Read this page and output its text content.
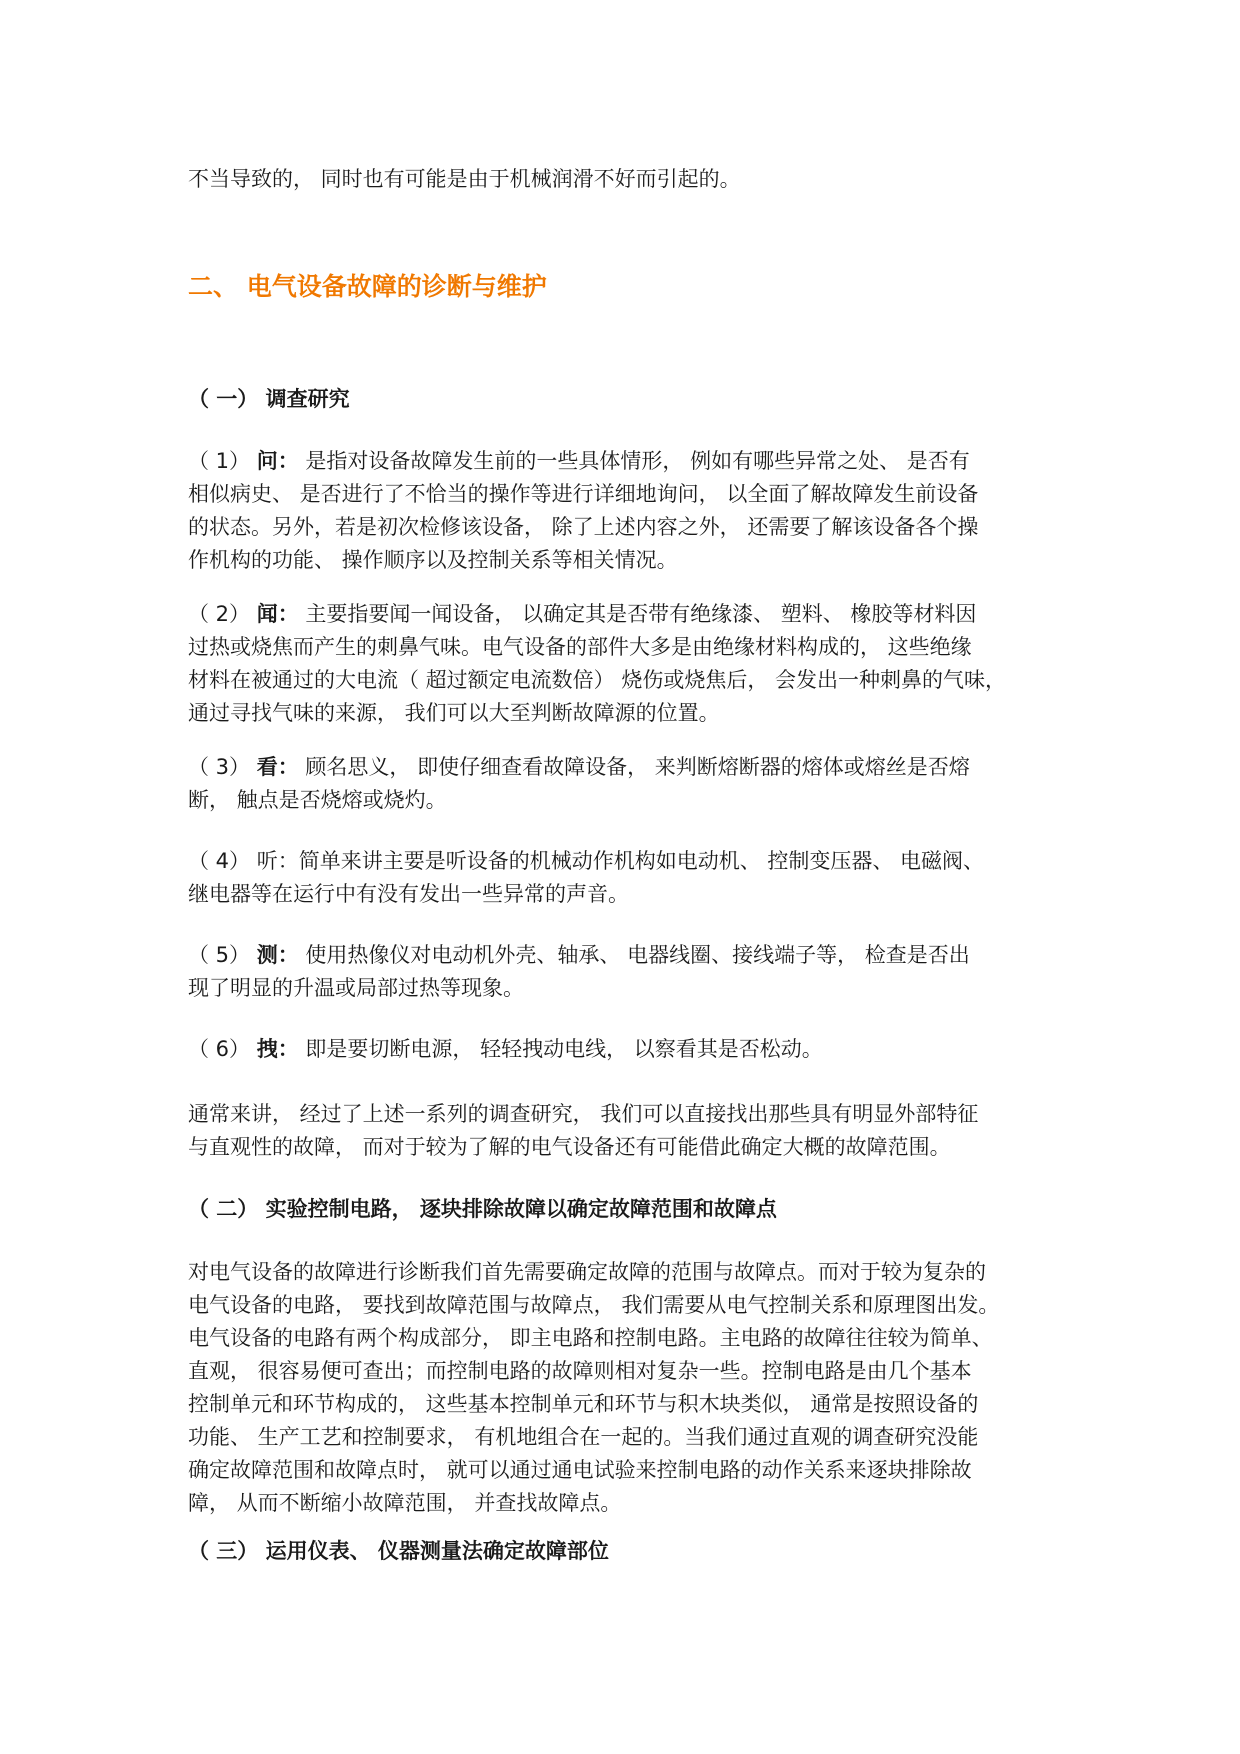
不当导致的， 同时也有可能是由于机械润滑不好而引起的。

二、 电气设备故障的诊断与维护
（ 一） 调查研究

（ 1） 问： 是指对设备故障发生前的一些具体情形， 例如有哪些异常之处、 是否有
相似病史、 是否进行了不恰当的操作等进行详细地询问， 以全面了解故障发生前设备
的状态。另外，若是初次检修该设备， 除了上述内容之外， 还需要了解该设备各个操
作机构的功能、 操作顺序以及控制关系等相关情况。

（ 2） 闻： 主要指要闻一闻设备， 以确定其是否带有绝缘漆、 塑料、 橡胶等材料因
过热或烧焦而产生的刺鼻气味。电气设备的部件大多是由绝缘材料构成的， 这些绝缘
材料在被通过的大电流（ 超过额定电流数倍） 烧伤或烧焦后， 会发出一种刺鼻的气味，
通过寻找气味的来源， 我们可以大至判断故障源的位置。

（ 3） 看： 顾名思义， 即使仔细查看故障设备， 来判断熔断器的熔体或熔丝是否熔
断， 触点是否烧熔或烧灼。

（ 4） 听：简单来讲主要是听设备的机械动作机构如电动机、 控制变压器、 电磁阀、
继电器等在运行中有没有发出一些异常的声音。

（ 5） 测： 使用热像仪对电动机外壳、轴承、 电器线圈、接线端子等， 检查是否出
现了明显的升温或局部过热等现象。

（ 6） 拽： 即是要切断电源， 轻轻拽动电线， 以察看其是否松动。

通常来讲， 经过了上述一系列的调查研究， 我们可以直接找出那些具有明显外部特征
与直观性的故障， 而对于较为了解的电气设备还有可能借此确定大概的故障范围。

（ 二） 实验控制电路， 逐块排除故障以确定故障范围和故障点

对电气设备的故障进行诊断我们首先需要确定故障的范围与故障点。而对于较为复杂的
电气设备的电路， 要找到故障范围与故障点， 我们需要从电气控制关系和原理图出发。
电气设备的电路有两个构成部分， 即主电路和控制电路。主电路的故障往往较为简单、
直观， 很容易便可查出；而控制电路的故障则相对复杂一些。控制电路是由几个基本
控制单元和环节构成的， 这些基本控制单元和环节与积木块类似， 通常是按照设备的
功能、 生产工艺和控制要求， 有机地组合在一起的。当我们通过直观的调查研究没能
确定故障范围和故障点时， 就可以通过通电试验来控制电路的动作关系来逐块排除故
障， 从而不断缩小故障范围， 并查找故障点。

（ 三） 运用仪表、 仪器测量法确定故障部位
